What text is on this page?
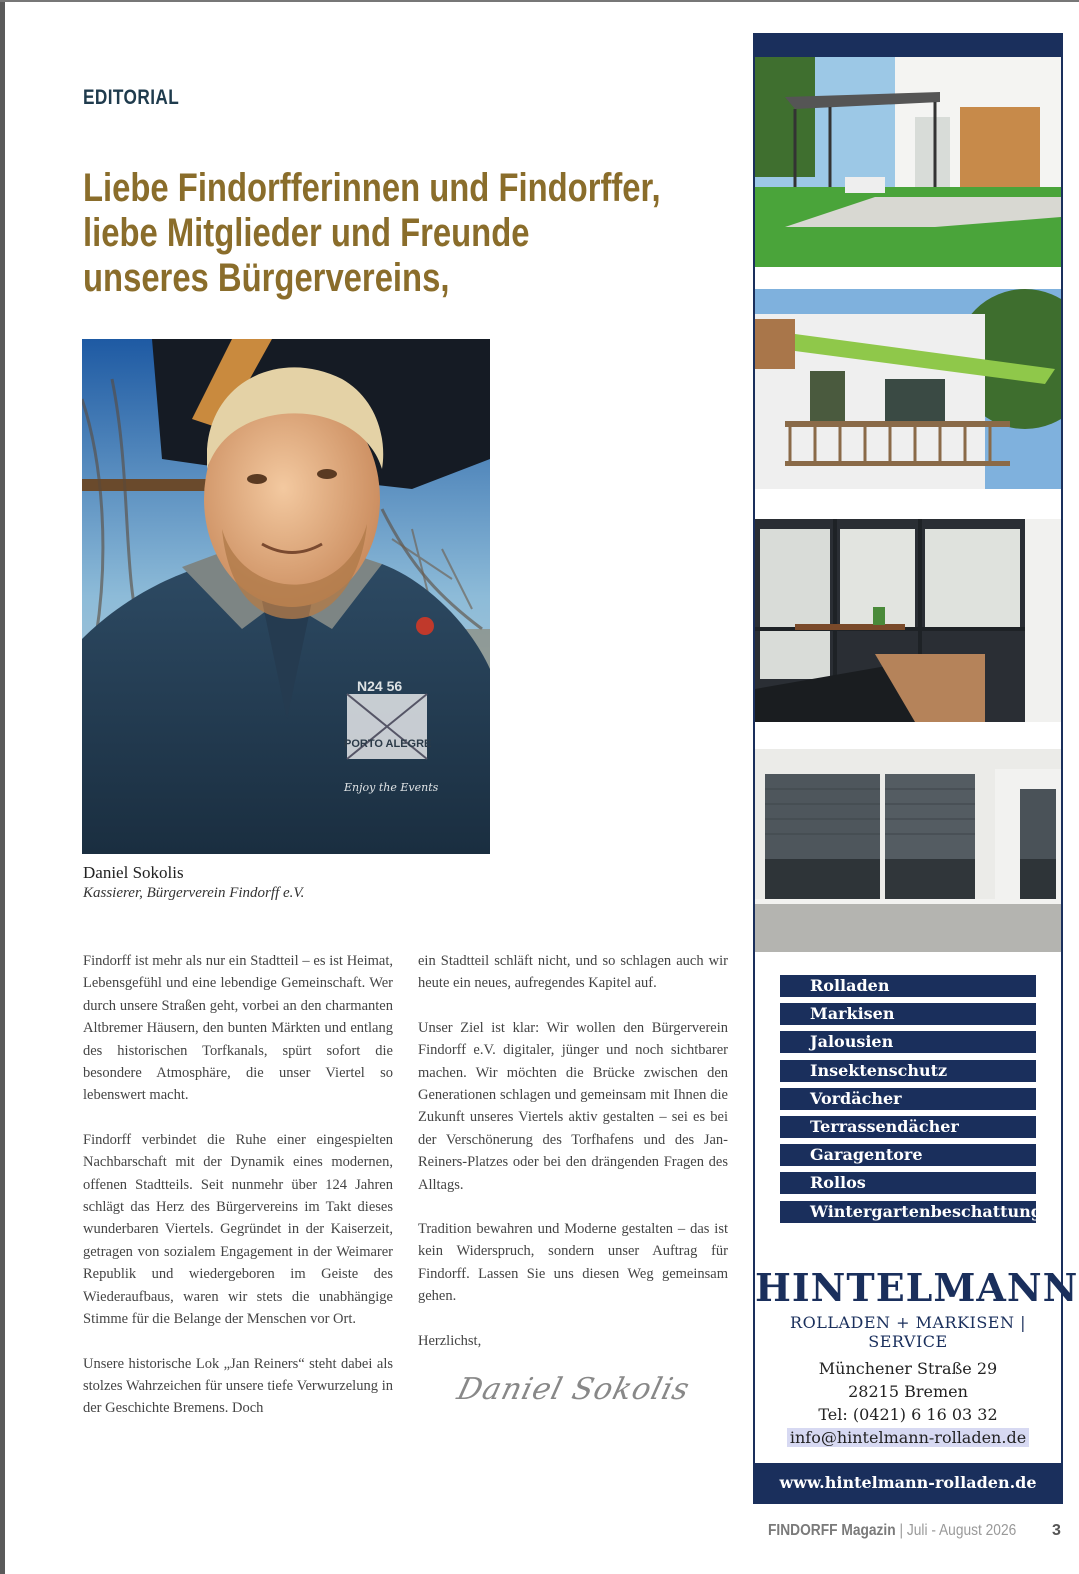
EDITORIAL
Liebe Findorfferinnen und Findorffer,
liebe Mitglieder und Freunde
unseres Bürgervereins,
N24 56
PORTO ALEGRE
Enjoy the Events
Daniel Sokolis
Kassierer, Bürgerverein Findorff e.V.

Findorff ist mehr als nur ein Stadtteil – es ist Heimat, Lebensgefühl und eine lebendige Gemeinschaft. Wer durch unsere Straßen geht, vorbei an den charmanten Altbremer Häusern, den bunten Märkten und entlang des historischen Torfkanals, spürt sofort die besondere Atmosphäre, die unser Viertel so lebenswert macht.

Findorff verbindet die Ruhe einer eingespielten Nachbarschaft mit der Dynamik eines modernen, offenen Stadtteils. Seit nunmehr über 124 Jahren schlägt das Herz des Bürgervereins im Takt dieses wunderbaren Viertels. Gegründet in der Kaiserzeit, getragen von sozialem Engagement in der Weimarer Republik und wiedergeboren im Geiste des Wiederaufbaus, waren wir stets die unabhängige Stimme für die Belange der Menschen vor Ort.

Unsere historische Lok „Jan Reiners“ steht dabei als stolzes Wahrzeichen für unsere tiefe Verwurzelung in der Geschichte Bremens. Doch

ein Stadtteil schläft nicht, und so schlagen auch wir heute ein neues, aufregendes Kapitel auf.

Unser Ziel ist klar: Wir wollen den Bürgerverein Findorff e.V. digitaler, jünger und noch sichtbarer machen. Wir möchten die Brücke zwischen den Generationen schlagen und gemeinsam mit Ihnen die Zukunft unseres Viertels aktiv gestalten – sei es bei der Verschönerung des Torfhafens und des Jan-Reiners-Platzes oder bei den drängenden Fragen des Alltags.

Tradition bewahren und Moderne gestalten – das ist kein Widerspruch, sondern unser Auftrag für Findorff. Lassen Sie uns diesen Weg gemeinsam gehen.

Herzlichst,

Daniel Sokolis
Rolladen
Markisen
Jalousien
Insektenschutz
Vordächer
Terrassendächer
Garagentore
Rollos
Wintergartenbeschattung
HINTELMANN
ROLLADEN + MARKISEN | SERVICE
Münchener Straße 29
28215 Bremen
Tel: (0421) 6 16 03 32
info@hintelmann-rolladen.de
www.hintelmann-rolladen.de
FINDORFF Magazin | Juli - August 2026 3
